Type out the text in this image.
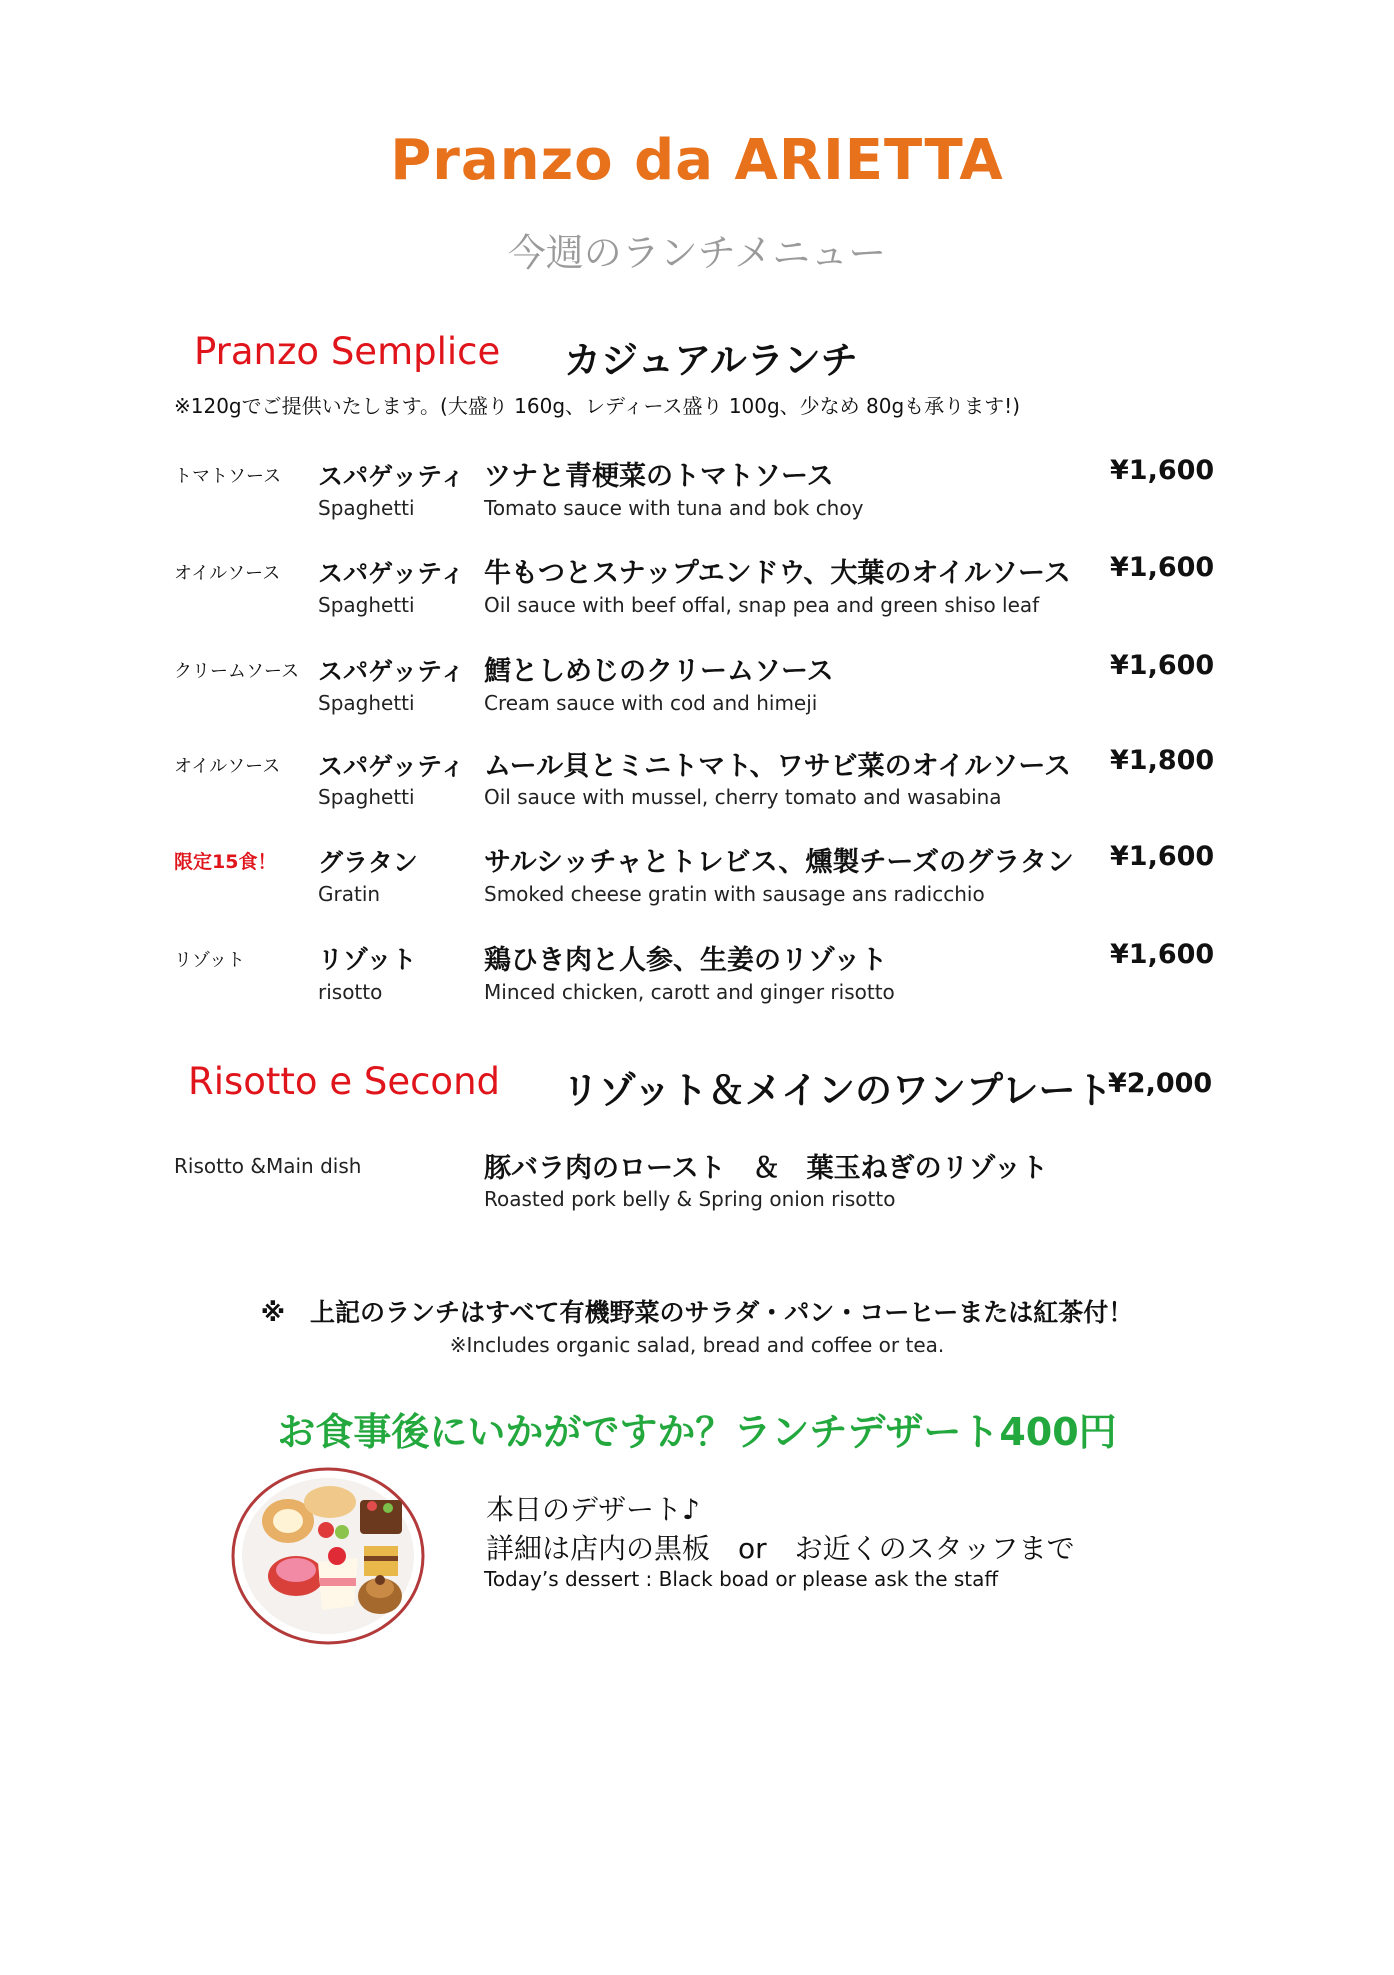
Pranzo da ARIETTA
今週のランチメニュー
Pranzo Semplice カジュアルランチ
※120gでご提供いたします。(大盛り 160g、レディース盛り 100g、少なめ 80gも承ります!)
トマトソース スパゲッティ
Spaghetti
ツナと青梗菜のトマトソース
Tomato sauce with tuna and bok choy
¥1,600
オイルソース スパゲッティ
Spaghetti
牛もつとスナップエンドウ、大葉のオイルソース
Oil sauce with beef offal, snap pea and green shiso leaf
¥1,600
クリームソース スパゲッティ
Spaghetti
鱈としめじのクリームソース
Cream sauce with cod and himeji
¥1,600
オイルソース スパゲッティ
Spaghetti
ムール貝とミニトマト、ワサビ菜のオイルソース
Oil sauce with mussel, cherry tomato and wasabina
¥1,800
限定15食！ グラタン
Gratin
サルシッチャとトレビス、燻製チーズのグラタン
Smoked cheese gratin with sausage ans radicchio
¥1,600
リゾット	リゾット
risotto
鶏ひき肉と人参、生姜のリゾット
Minced chicken, carott and ginger risotto
¥1,600
Risotto e Second リゾット＆メインのワンプレート
¥2,000
Risotto &Main dish	豚バラ肉のロースト　＆　葉玉ねぎのリゾット
Roasted pork belly & Spring onion risotto
※　上記のランチはすべて有機野菜のサラダ・パン・コーヒーまたは紅茶付！
※Includes organic salad, bread and coffee or tea.
お食事後にいかがですか？ランチデザート400円
本日のデザート♪
詳細は店内の黒板　or　お近くのスタッフまで
Today’s dessert : Black boad or please ask the staff
